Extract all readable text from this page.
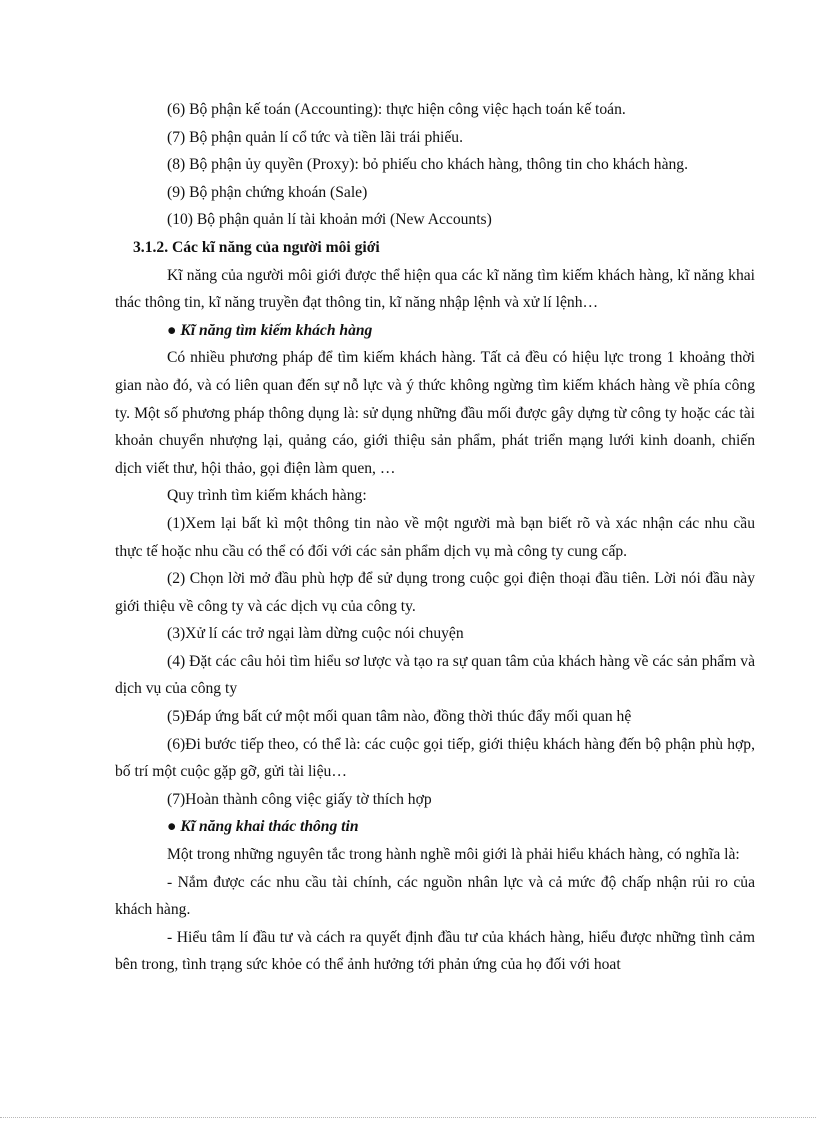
(6) Bộ phận kế toán (Accounting): thực hiện công việc hạch toán kế toán.

(7) Bộ phận quản lí cổ tức và tiền lãi trái phiếu.

(8) Bộ phận ủy quyền (Proxy): bỏ phiếu cho khách hàng, thông tin cho khách hàng.

(9) Bộ phận chứng khoán (Sale)

(10) Bộ phận quản lí tài khoản mới (New Accounts)

3.1.2. Các kĩ năng của người môi giới

Kĩ năng của người môi giới được thể hiện qua các kĩ năng tìm kiếm khách hàng, kĩ năng khai thác thông tin, kĩ năng truyền đạt thông tin, kĩ năng nhập lệnh và xử lí lệnh…

● Kĩ năng tìm kiếm khách hàng

Có nhiều phương pháp để tìm kiếm khách hàng. Tất cả đều có hiệu lực trong 1 khoảng thời gian nào đó, và có liên quan đến sự nỗ lực và ý thức không ngừng tìm kiếm khách hàng về phía công ty. Một số phương pháp thông dụng là: sử dụng những đầu mối được gây dựng từ công ty hoặc các tài khoản chuyển nhượng lại, quảng cáo, giới thiệu sản phẩm, phát triển mạng lưới kinh doanh, chiến dịch viết thư, hội thảo, gọi điện làm quen, …

Quy trình tìm kiếm khách hàng:

(1)Xem lại bất kì một thông tin nào về một người mà bạn biết rõ và xác nhận các nhu cầu thực tế hoặc nhu cầu có thể có đối với các sản phẩm dịch vụ mà công ty cung cấp.

(2) Chọn lời mở đầu phù hợp để sử dụng trong cuộc gọi điện thoại đầu tiên. Lời nói đầu này giới thiệu về công ty và các dịch vụ của công ty.

(3)Xử lí các trở ngại làm dừng cuộc nói chuyện

(4) Đặt các câu hỏi tìm hiểu sơ lược và tạo ra sự quan tâm của khách hàng về các sản phẩm và dịch vụ của công ty

(5)Đáp ứng bất cứ một mối quan tâm nào, đồng thời thúc đẩy mối quan hệ

(6)Đi bước tiếp theo, có thể là: các cuộc gọi tiếp, giới thiệu khách hàng đến bộ phận phù hợp, bố trí một cuộc gặp gỡ, gửi tài liệu…

(7)Hoàn thành công việc giấy tờ thích hợp

● Kĩ năng khai thác thông tin

Một trong những nguyên tắc trong hành nghề môi giới là phải hiểu khách hàng, có nghĩa là:

- Nắm được các nhu cầu tài chính, các nguồn nhân lực và cả mức độ chấp nhận rủi ro của khách hàng.

- Hiểu tâm lí đầu tư và cách ra quyết định đầu tư của khách hàng, hiểu được những tình cảm bên trong, tình trạng sức khỏe có thể ảnh hưởng tới phản ứng của họ đối với hoat
